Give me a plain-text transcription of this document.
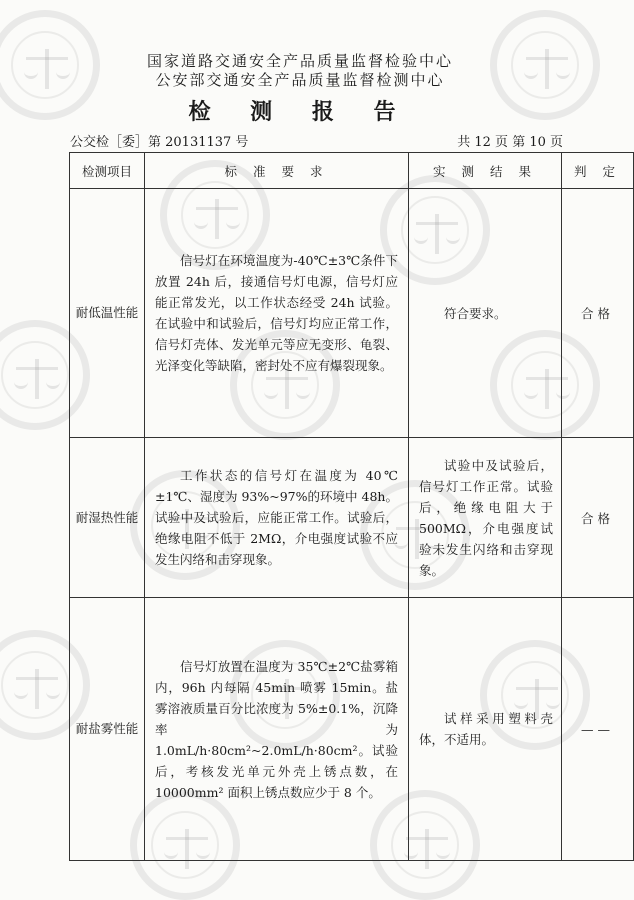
国家道路交通安全产品质量监督检验中心
公安部交通安全产品质量监督检测中心
检 测 报 告
公交检［委］第 20131137 号	共 12 页 第 10 页
检测项目	标 准 要 求	实 测 结 果	判 定
耐低温性能	信号灯在环境温度为-40℃±3℃条件下放置 24h 后，接通信号灯电源，信号灯应能正常发光，以工作状态经受 24h 试验。在试验中和试验后，信号灯均应正常工作，信号灯壳体、发光单元等应无变形、龟裂、光泽变化等缺陷，密封处不应有爆裂现象。	符合要求。	合格
耐湿热性能	工作状态的信号灯在温度为 40℃±1℃、湿度为 93%~97%的环境中 48h。试验中及试验后，应能正常工作。试验后，绝缘电阻不低于 2MΩ，介电强度试验不应发生闪络和击穿现象。	试验中及试验后，信号灯工作正常。试验后，绝缘电阻大于 500MΩ，介电强度试验未发生闪络和击穿现象。	合格
耐盐雾性能	信号灯放置在温度为 35℃±2℃盐雾箱内，96h 内每隔 45min 喷雾 15min。盐雾溶液质量百分比浓度为 5%±0.1%，沉降率为 1.0mL/h·80cm²~2.0mL/h·80cm²。试验后，考核发光单元外壳上锈点数，在 10000mm² 面积上锈点数应少于 8 个。	试样采用塑料壳体，不适用。	——
